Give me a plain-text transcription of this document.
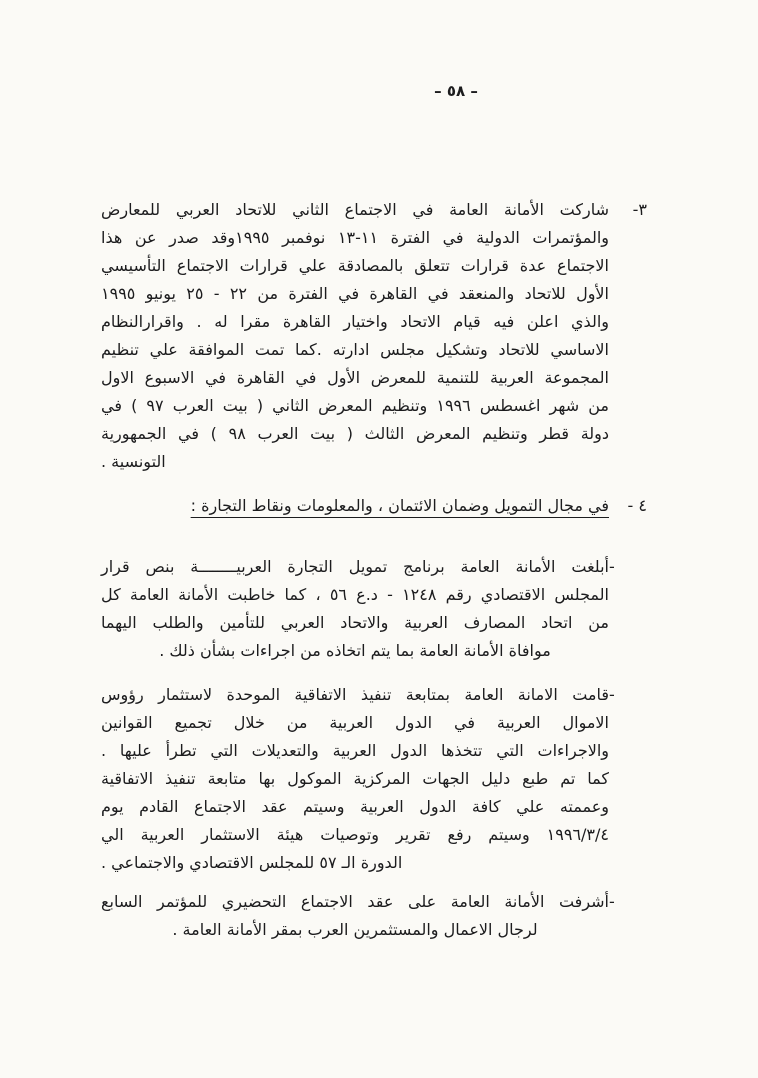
– ٥٨ –
٣-
شاركت الأمانة العامة في الاجتماع الثاني للاتحاد العربي للمعارض
والمؤتمرات الدولية في الفترة ١١-١٣ نوفمبر ١٩٩٥وقد صدر عن هذا
الاجتماع عدة قرارات تتعلق بالمصادقة علي قرارات الاجتماع التأسيسي
الأول للاتحاد والمنعقد في القاهرة في الفترة من ٢٢ - ٢٥ يونيو ١٩٩٥
والذي اعلن فيه قيام الاتحاد واختيار القاهرة مقرا له . واقرارالنظام
الاساسي للاتحاد وتشكيل مجلس ادارته .كما تمت الموافقة علي تنظيم
المجموعة العربية للتنمية للمعرض الأول في القاهرة في الاسبوع الاول
من شهر اغسطس ١٩٩٦ وتنظيم المعرض الثاني ( بيت العرب ٩٧ ) في
دولة قطر وتنظيم المعرض الثالث ( بيت العرب ٩٨ ) في الجمهورية
التونسية .
٤ -
في مجال التمويل وضمان الائتمان ، والمعلومات ونقاط التجارة :
-
أبلغت الأمانة العامة برنامج تمويل التجارة العربيــــــــة بنص قرار
المجلس الاقتصادي رقم ١٢٤٨ - د.ع ٥٦ ، كما خاطبت الأمانة العامة كل
من اتحاد المصارف العربية والاتحاد العربي للتأمين والطلب اليهما
موافاة الأمانة العامة بما يتم اتخاذه من اجراءات بشأن ذلك .
-
قامت الامانة العامة بمتابعة تنفيذ الاتفاقية الموحدة لاستثمار رؤوس
الاموال العربية في الدول العربية من خلال تجميع القوانين
والاجراءات التي تتخذها الدول العربية والتعديلات التي تطرأ عليها .
كما تم طبع دليل الجهات المركزية الموكول بها متابعة تنفيذ الاتفاقية
وعممته علي كافة الدول العربية وسيتم عقد الاجتماع القادم يوم
١٩٩٦/٣/٤ وسيتم رفع تقرير وتوصيات هيئة الاستثمار العربية الي
الدورة الـ ٥٧ للمجلس الاقتصادي والاجتماعي .
-
أشرفت الأمانة العامة على عقد الاجتماع التحضيري للمؤتمر السابع
لرجال الاعمال والمستثمرين العرب بمقر الأمانة العامة .
